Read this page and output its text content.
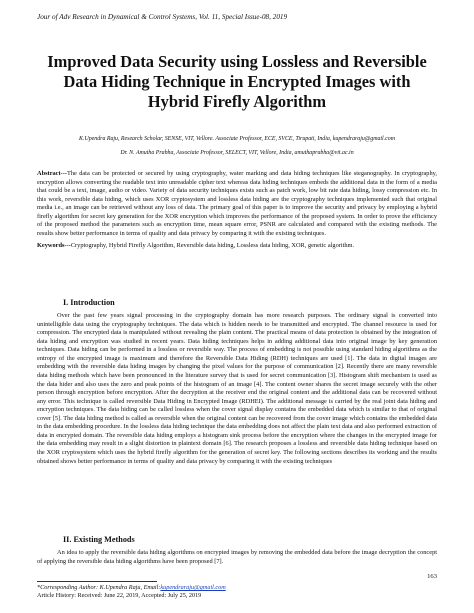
Jour of Adv Research in Dynamical & Control Systems, Vol. 11, Special Issue-08, 2019
Improved Data Security using Lossless and Reversible Data Hiding Technique in Encrypted Images with Hybrid Firefly Algorithm

K.Upendra Raju, Research Scholar, SENSE, VIT, Vellore. Associate Professor, ECE, SVCE, Tirupati, India, kupendraraju@gmail.com

Dr. N. Amutha Prabha, Associate Professor, SELECT, VIT, Vellore, India, amuthaprabha@vit.ac.in

Abstract---The data can be protected or secured by using cryptography, water marking and data hiding techniques like steganography. In cryptography, encryption allows converting the readable text into unreadable cipher text whereas data hiding techniques embeds the additional data in the form of a media that could be a text, image, audio or video. Variety of data security techniques exists such as patch work, low bit rate data hiding, lossy compression etc. In this work, reversible data hiding, which uses XOR cryptosystem and lossless data hiding are the cryptography techniques implemented such that original media i.e., an image can be retrieved without any loss of data. The primary goal of this paper is to improve the security and privacy by employing a hybrid firefly algorithm for secret key generation for the XOR encryption which improves the performance of the proposed system. In order to prove the efficiency of the proposed method the parameters such as encryption time, mean square error, PSNR are calculated and compared with the existing methods. The results show better performance in terms of quality and data privacy by comparing it with the existing techniques.

Keywords---Cryptography, Hybrid Firefly Algorithm, Reversible data hiding, Lossless data hiding, XOR, genetic algorithm.

I. Introduction

Over the past few years signal processing in the cryptography domain has more research purposes. The ordinary signal is converted into unintelligible data using the cryptography techniques. The data which is hidden needs to be transmitted and encrypted. The channel resource is used for compression. The encrypted data is manipulated without revealing the plain content. The practical means of data protection is obtained by the integration of data hiding and encryption was studied in recent years. Data hiding techniques helps in adding additional data into original image by key generation techniques. Data hiding can be performed in a lossless or reversible way. The process of embedding is not possible using standard hiding algorithms as the entropy of the encrypted image is maximum and therefore the Reversible Data Hiding (RDH) techniques are used [1]. The data in digital images are embedding with the reversible data hiding images by changing the pixel values for the purpose of communication [2]. Recently there are many reversible data hiding methods which have been pronounced in the literature survey that is used for secret communication [3]. Histogram shift mechanism is used as the data hider and also uses the zero and peak points of the histogram of an image [4]. The content owner shares the secret image securely with the other person through encryption before encryption. After the decryption at the receiver end the original content and the additional data can be recovered without any error. This technique is called reversible Data Hiding in Encrypted Image (RDHEI). The additional message is carried by the real joint data hiding and encryption techniques. The data hiding can be called lossless when the cover signal display contains the embedded data which is similar to that of original cover [5]. The data hiding method is called as reversible when the original content can be recovered from the cover image which contains the embedded data in the data embedding procedure. In the lossless data hiding technique the data embedding does not affect the plain text data and also performed extraction of data in encrypted domain. The reversible data hiding employs a histogram sink process before the encryption where the changes in the encrypted image for the data embedding may result in a slight distortion in plaintext domain [6]. The research proposes a lossless and reversible data hiding technique based on the XOR cryptosystem which uses the hybrid firefly algorithm for the generation of secret key. The following sections describes its working and the results obtained shows better performance in terms of quality and data privacy by comparing it with the existing techniques

II. Existing Methods

An idea to apply the reversible data hiding algorithms on encrypted images by removing the embedded data before the image decryption the concept of applying the reversible data hiding algorithms have been proposed [7].

163

*Corresponding Author: K.Upendra Raju, Email:kupendraraju@gmail.com

Article History: Received: June 22, 2019, Accepted: July 25, 2019
